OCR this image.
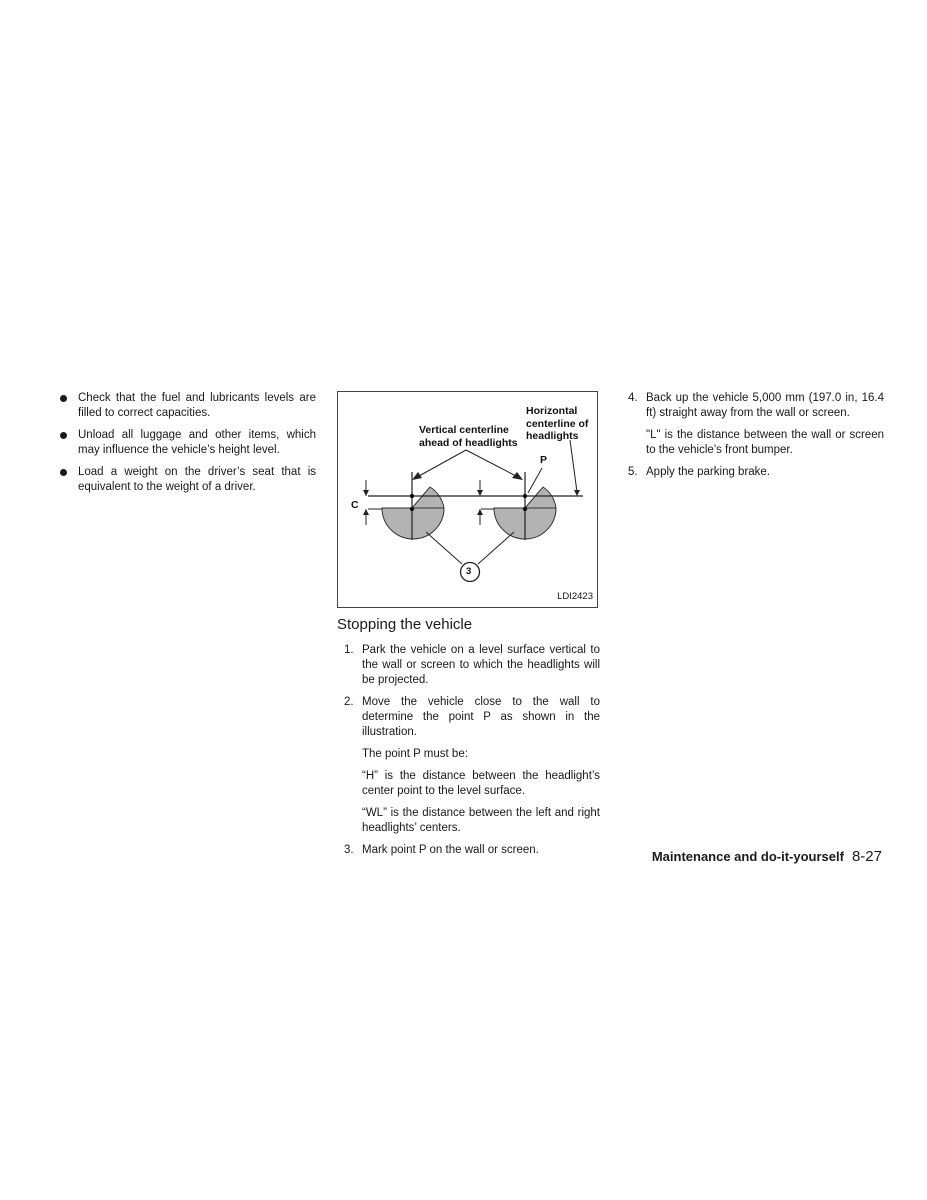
Check that the fuel and lubricants levels are filled to correct capacities.
Unload all luggage and other items, which may influence the vehicle’s height level.
Load a weight on the driver’s seat that is equivalent to the weight of a driver.
Vertical centerline ahead of headlights
Horizontal centerline of headlights
P
C
3
LDI2423
Stopping the vehicle
1. Park the vehicle on a level surface vertical to the wall or screen to which the headlights will be projected.

2. Move the vehicle close to the wall to determine the point P as shown in the illustration.

The point P must be:

“H” is the distance between the headlight’s center point to the level surface.

“WL” is the distance between the left and right headlights’ centers.

3. Mark point P on the wall or screen.

4. Back up the vehicle 5,000 mm (197.0 in, 16.4 ft) straight away from the wall or screen.

"L" is the distance between the wall or screen to the vehicle’s front bumper.

5. Apply the parking brake.

Maintenance and do-it-yourself 8-27
